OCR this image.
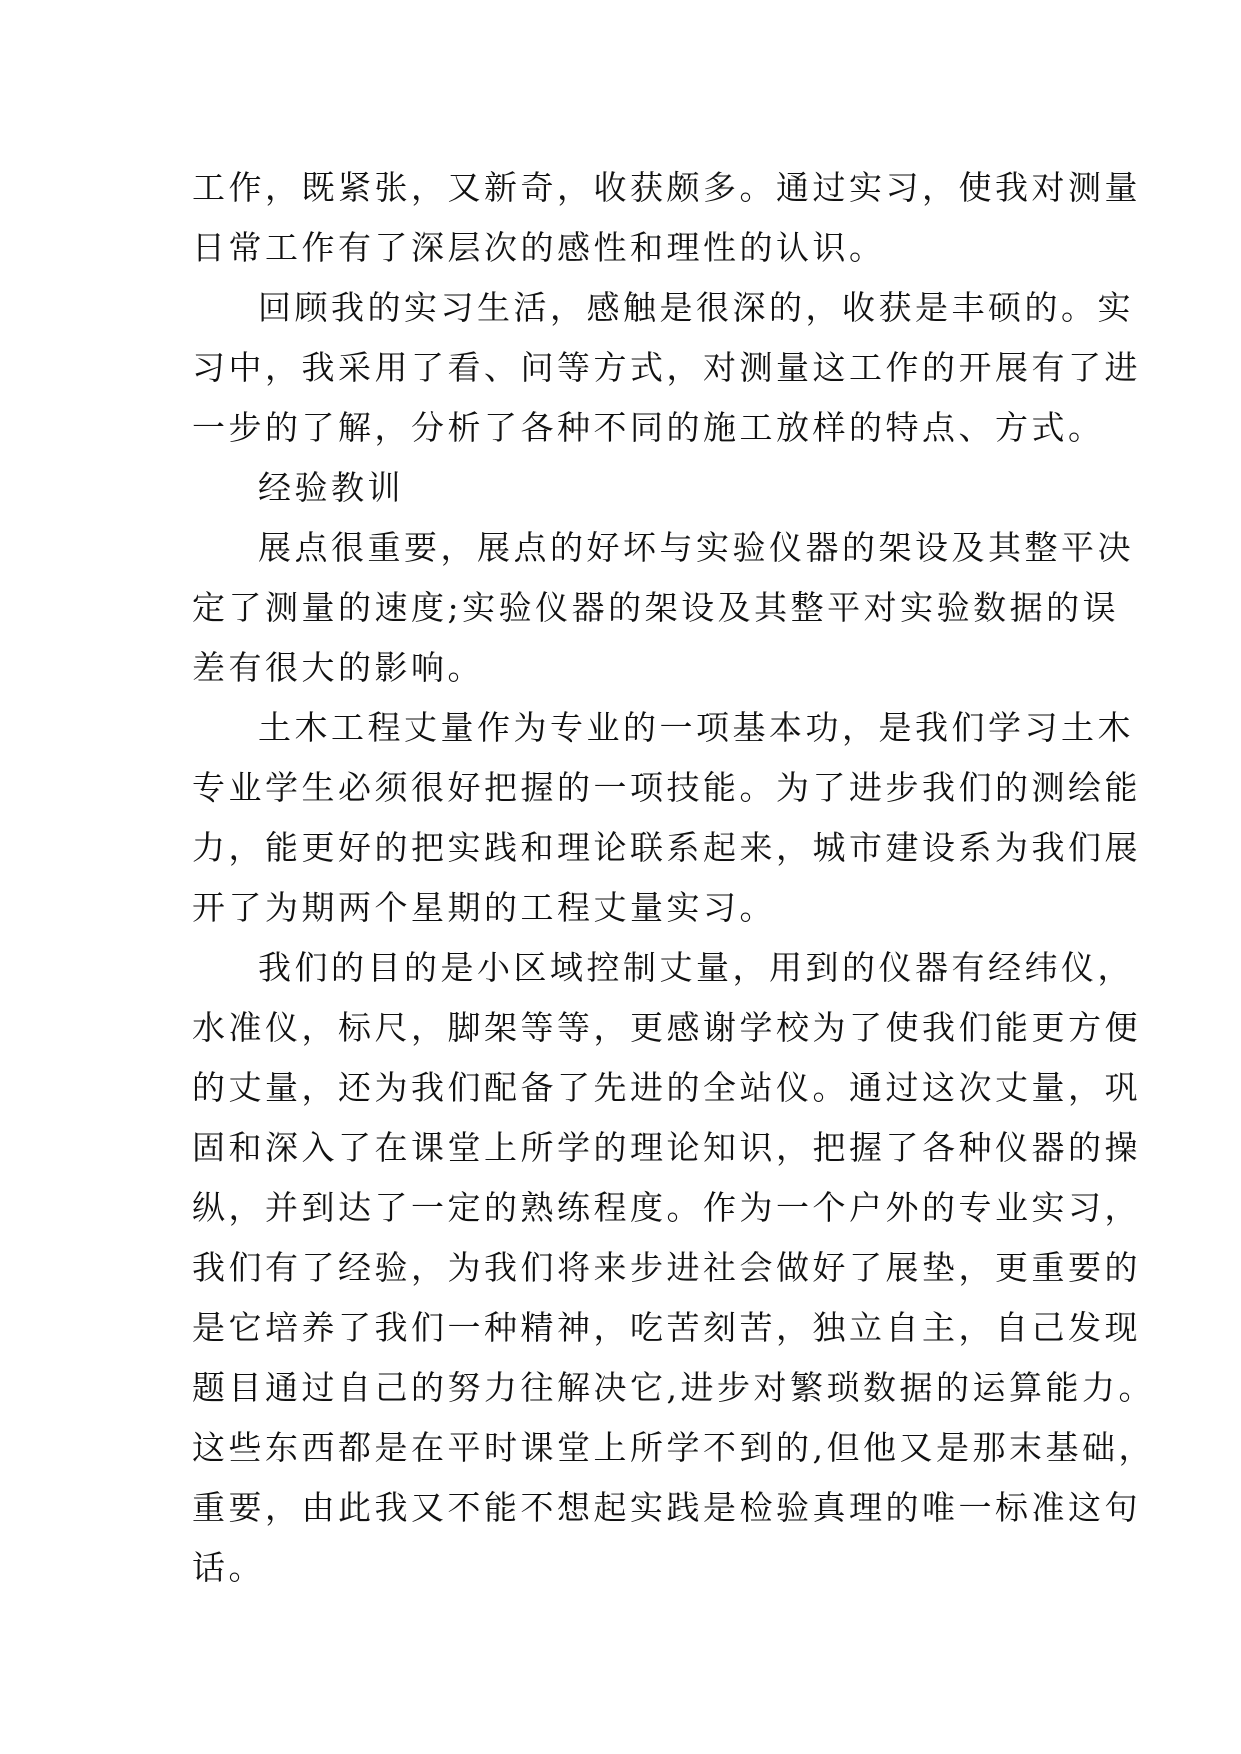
工作，既紧张，又新奇，收获颇多。通过实习，使我对测量
日常工作有了深层次的感性和理性的认识。
回顾我的实习生活，感触是很深的，收获是丰硕的。实
习中，我采用了看、问等方式，对测量这工作的开展有了进
一步的了解，分析了各种不同的施工放样的特点、方式。
经验教训
展点很重要，展点的好坏与实验仪器的架设及其整平决
定了测量的速度;实验仪器的架设及其整平对实验数据的误
差有很大的影响。
土木工程丈量作为专业的一项基本功，是我们学习土木
专业学生必须很好把握的一项技能。为了进步我们的测绘能
力，能更好的把实践和理论联系起来，城市建设系为我们展
开了为期两个星期的工程丈量实习。
我们的目的是小区域控制丈量，用到的仪器有经纬仪，
水准仪，标尺，脚架等等，更感谢学校为了使我们能更方便
的丈量，还为我们配备了先进的全站仪。通过这次丈量，巩
固和深入了在课堂上所学的理论知识，把握了各种仪器的操
纵，并到达了一定的熟练程度。作为一个户外的专业实习，
我们有了经验，为我们将来步进社会做好了展垫，更重要的
是它培养了我们一种精神，吃苦刻苦，独立自主，自己发现
题目通过自己的努力往解决它,进步对繁琐数据的运算能力。
这些东西都是在平时课堂上所学不到的,但他又是那末基础，
重要，由此我又不能不想起实践是检验真理的唯一标准这句
话。
